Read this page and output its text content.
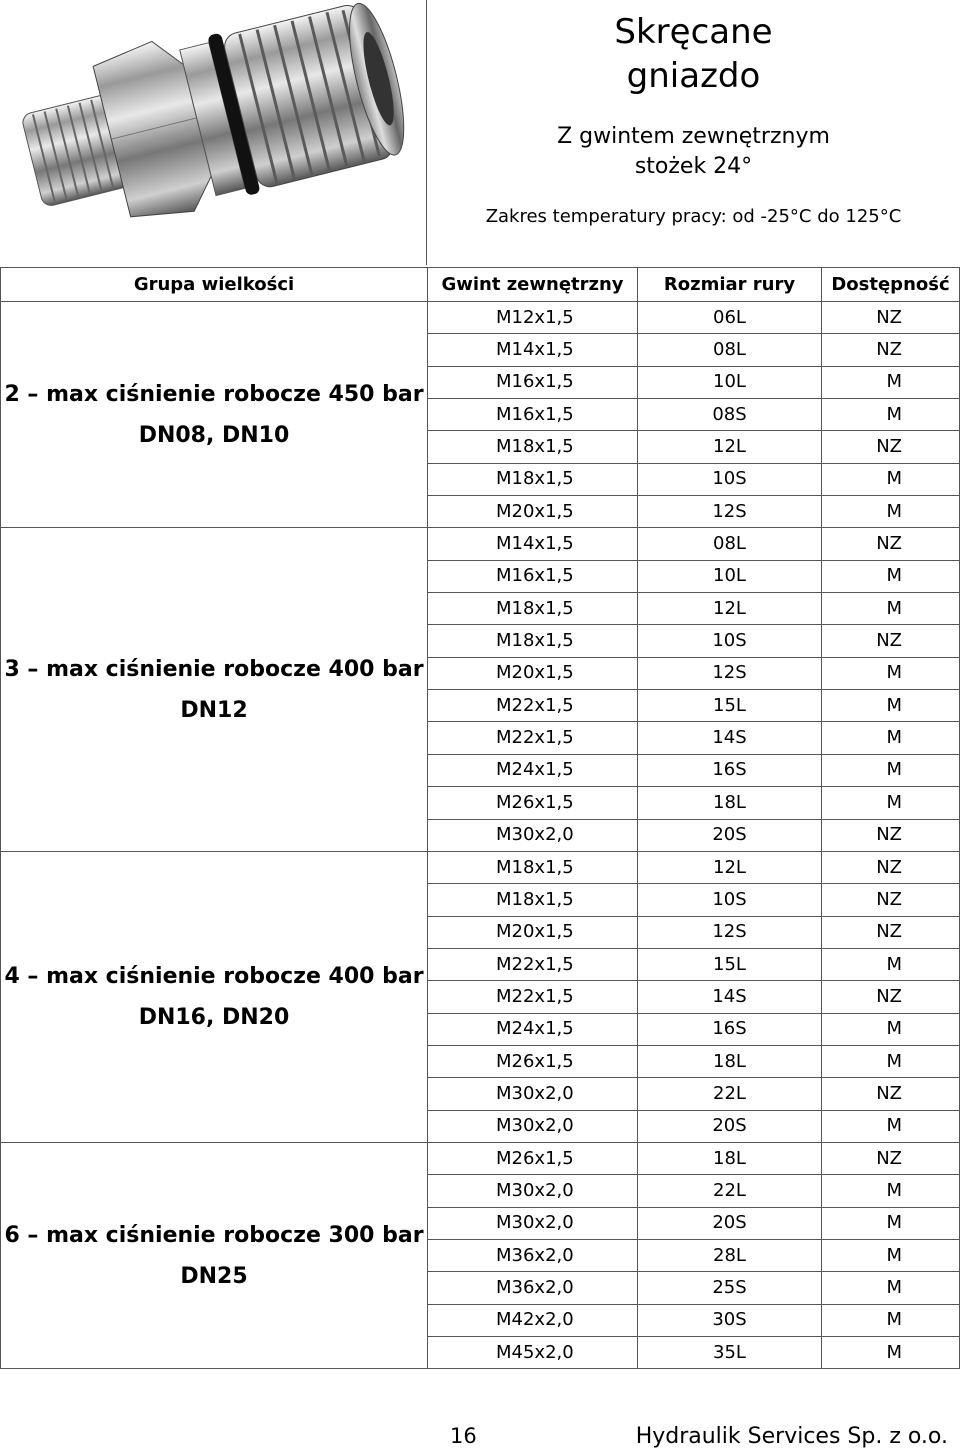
Skręcane
gniazdo
Z gwintem zewnętrznym
stożek 24°
Zakres temperatury pracy: od -25°C do 125°C
Grupa wielkości	Gwint zewnętrzny	Rozmiar rury	Dostępność

2 – max ciśnienie robocze 450 bar
DN08, DN10	M12x1,5	06L	NZ
	M14x1,5	08L	NZ
	M16x1,5	10L	M
	M16x1,5	08S	M
	M18x1,5	12L	NZ
	M18x1,5	10S	M
	M20x1,5	12S	M

3 – max ciśnienie robocze 400 bar
DN12	M14x1,5	08L	NZ
	M16x1,5	10L	M
	M18x1,5	12L	M
	M18x1,5	10S	NZ
	M20x1,5	12S	M
	M22x1,5	15L	M
	M22x1,5	14S	M
	M24x1,5	16S	M
	M26x1,5	18L	M
	M30x2,0	20S	NZ

4 – max ciśnienie robocze 400 bar
DN16, DN20	M18x1,5	12L	NZ
	M18x1,5	10S	NZ
	M20x1,5	12S	NZ
	M22x1,5	15L	M
	M22x1,5	14S	NZ
	M24x1,5	16S	M
	M26x1,5	18L	M
	M30x2,0	22L	NZ
	M30x2,0	20S	M

6 – max ciśnienie robocze 300 bar
DN25	M26x1,5	18L	NZ
	M30x2,0	22L	M
	M30x2,0	20S	M
	M36x2,0	28L	M
	M36x2,0	25S	M
	M42x2,0	30S	M
	M45x2,0	35L	M
16	Hydraulik Services Sp. z o.o.
